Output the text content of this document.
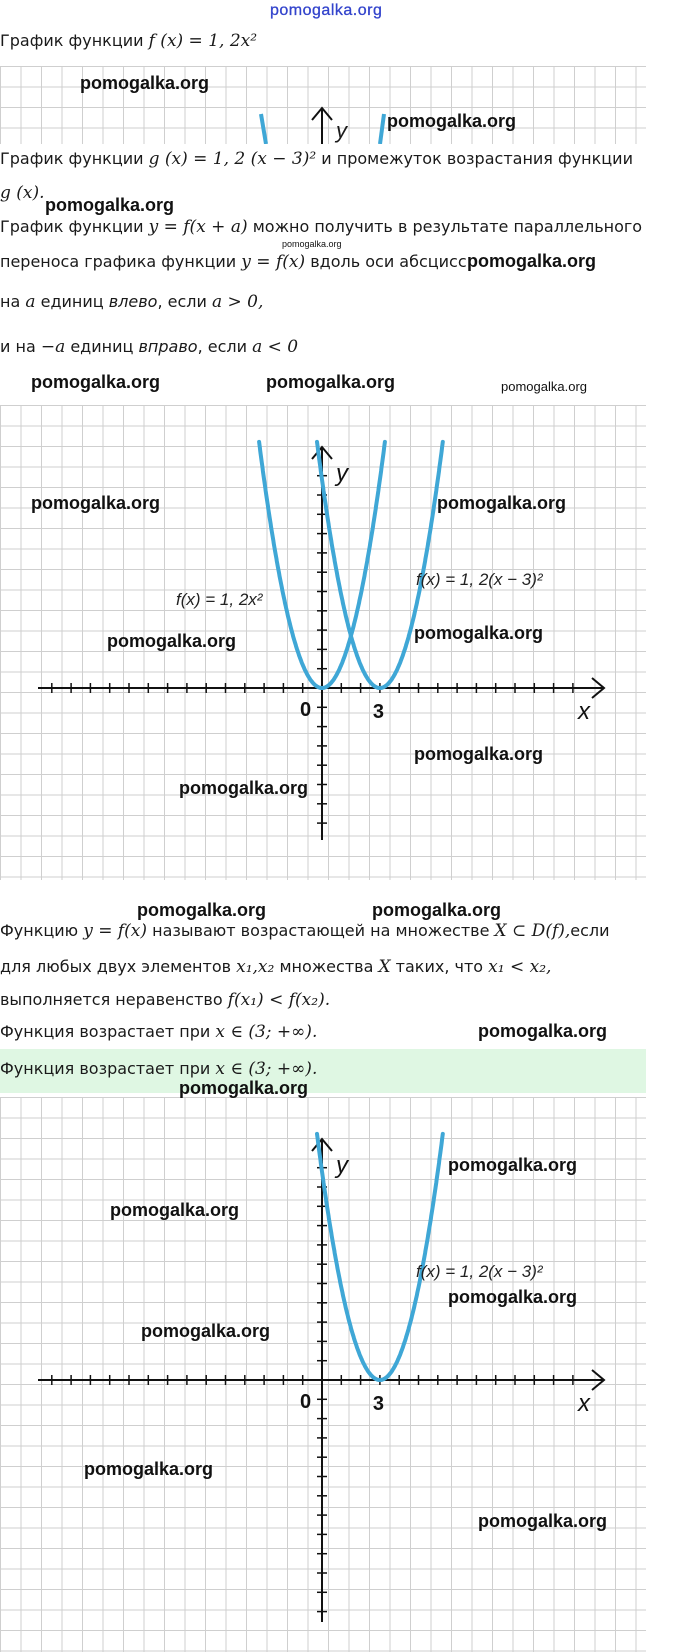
pomogalka.org
График функции f (x) = 1, 2x²
y
График функции g (x) = 1, 2 (x − 3)² и промежуток возрастания функции
g (x).
График функции y = f(x + a) можно получить в результате параллельного
переноса графика функции y = f(x) вдоль оси абсцисс
на a единиц влево, если a > 0,
и на −a единиц вправо, если a < 0
x
y
0	3
f(x) = 1, 2x²
f(x) = 1, 2(x − 3)²
Функцию y = f(x) называют возрастающей на множестве X ⊂ D(f),если
для любых двух элементов x₁,x₂ множества X таких, что x₁ < x₂,
выполняется неравенство f(x₁) < f(x₂).
Функция возрастает при x ∈ (3; +∞).
Функция возрастает при x ∈ (3; +∞).
x
y
0	3
f(x) = 1, 2(x − 3)²
pomogalka.org
pomogalka.org
pomogalka.org
pomogalka.org
pomogalka.org
pomogalka.org	pomogalka.org	pomogalka.org
pomogalka.org	pomogalka.org
pomogalka.org
pomogalka.org
pomogalka.org
pomogalka.org
pomogalka.org	pomogalka.org
pomogalka.org
pomogalka.org
pomogalka.org
pomogalka.org
pomogalka.org
pomogalka.org
pomogalka.org
pomogalka.org
